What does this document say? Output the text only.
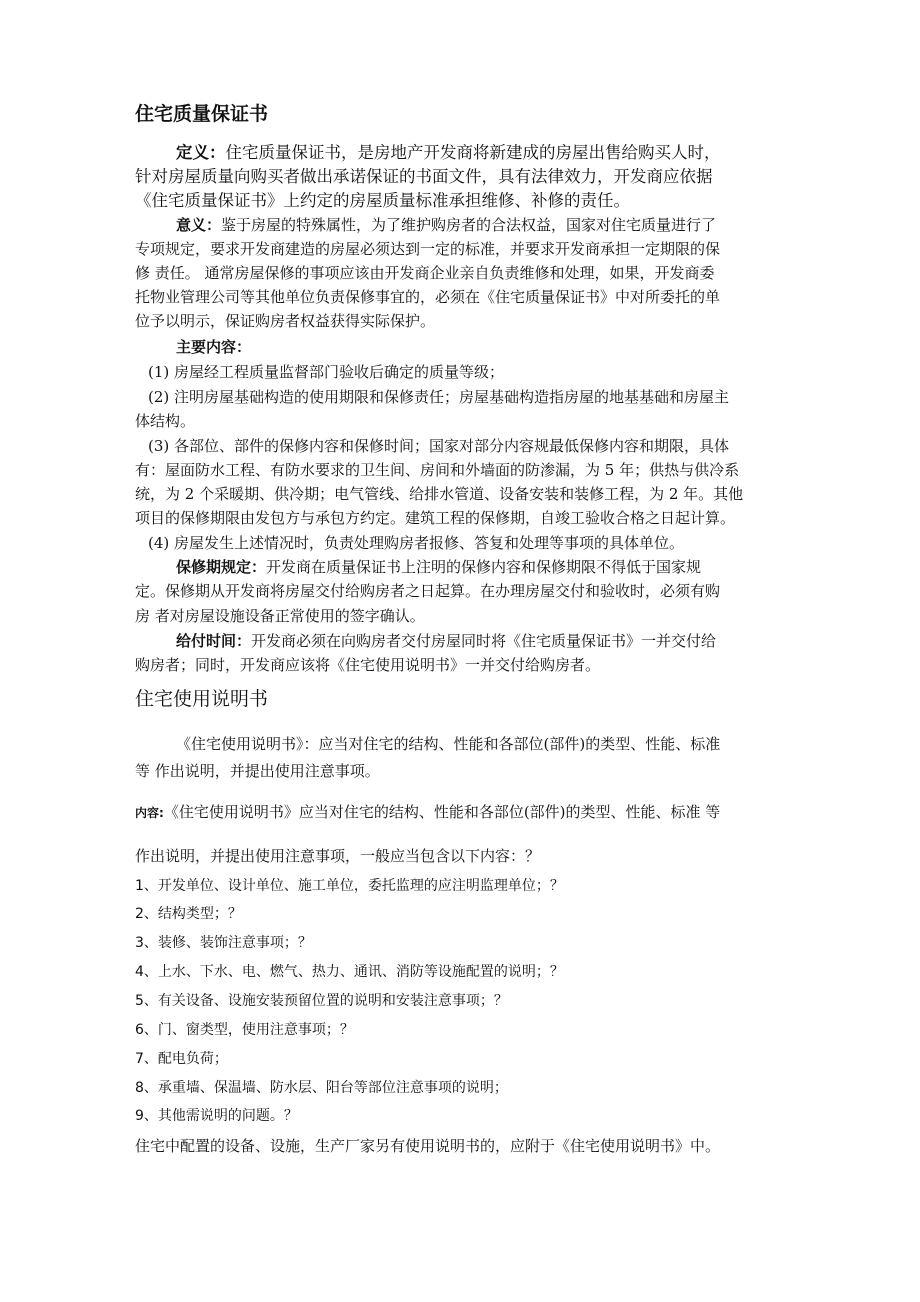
住宅质量保证书
定义：住宅质量保证书，是房地产开发商将新建成的房屋出售给购买人时，
针对房屋质量向购买者做出承诺保证的书面文件，具有法律效力，开发商应依据
《住宅质量保证书》上约定的房屋质量标准承担维修、补修的责任。
意义：鉴于房屋的特殊属性，为了维护购房者的合法权益，国家对住宅质量进行了
专项规定，要求开发商建造的房屋必须达到一定的标准，并要求开发商承担一定期限的保
修 责任。 通常房屋保修的事项应该由开发商企业亲自负责维修和处理，如果，开发商委
托物业管理公司等其他单位负责保修事宜的，必须在《住宅质量保证书》中对所委托的单
位予以明示，保证购房者权益获得实际保护。
主要内容：
(1) 房屋经工程质量监督部门验收后确定的质量等级；
(2) 注明房屋基础构造的使用期限和保修责任；房屋基础构造指房屋的地基基础和房屋主
体结构。
(3) 各部位、部件的保修内容和保修时间；国家对部分内容规最低保修内容和期限，具体
有：屋面防水工程、有防水要求的卫生间、房间和外墙面的防渗漏，为 5 年；供热与供冷系
统，为 2 个采暖期、供冷期；电气管线、给排水管道、设备安装和装修工程，为 2 年。其他
项目的保修期限由发包方与承包方约定。建筑工程的保修期，自竣工验收合格之日起计算。
(4) 房屋发生上述情况时，负责处理购房者报修、答复和处理等事项的具体单位。
保修期规定：开发商在质量保证书上注明的保修内容和保修期限不得低于国家规
定。保修期从开发商将房屋交付给购房者之日起算。在办理房屋交付和验收时，必须有购
房 者对房屋设施设备正常使用的签字确认。
给付时间：开发商必须在向购房者交付房屋同时将《住宅质量保证书》一并交付给
购房者；同时，开发商应该将《住宅使用说明书》一并交付给购房者。
住宅使用说明书
《住宅使用说明书》：应当对住宅的结构、性能和各部位(部件)的类型、性能、标准
等 作出说明，并提出使用注意事项。
内容:《住宅使用说明书》应当对住宅的结构、性能和各部位(部件)的类型、性能、标准 等
作出说明，并提出使用注意事项，一般应当包含以下内容：？
1、开发单位、设计单位、施工单位，委托监理的应注明监理单位；？
2、结构类型；？
3、装修、装饰注意事项；？
4、上水、下水、电、燃气、热力、通讯、消防等设施配置的说明；？
5、有关设备、设施安装预留位置的说明和安装注意事项；？
6、门、窗类型，使用注意事项；？
7、配电负荷；
8、承重墙、保温墙、防水层、阳台等部位注意事项的说明；
9、其他需说明的问题。？
住宅中配置的设备、设施，生产厂家另有使用说明书的，应附于《住宅使用说明书》中。
